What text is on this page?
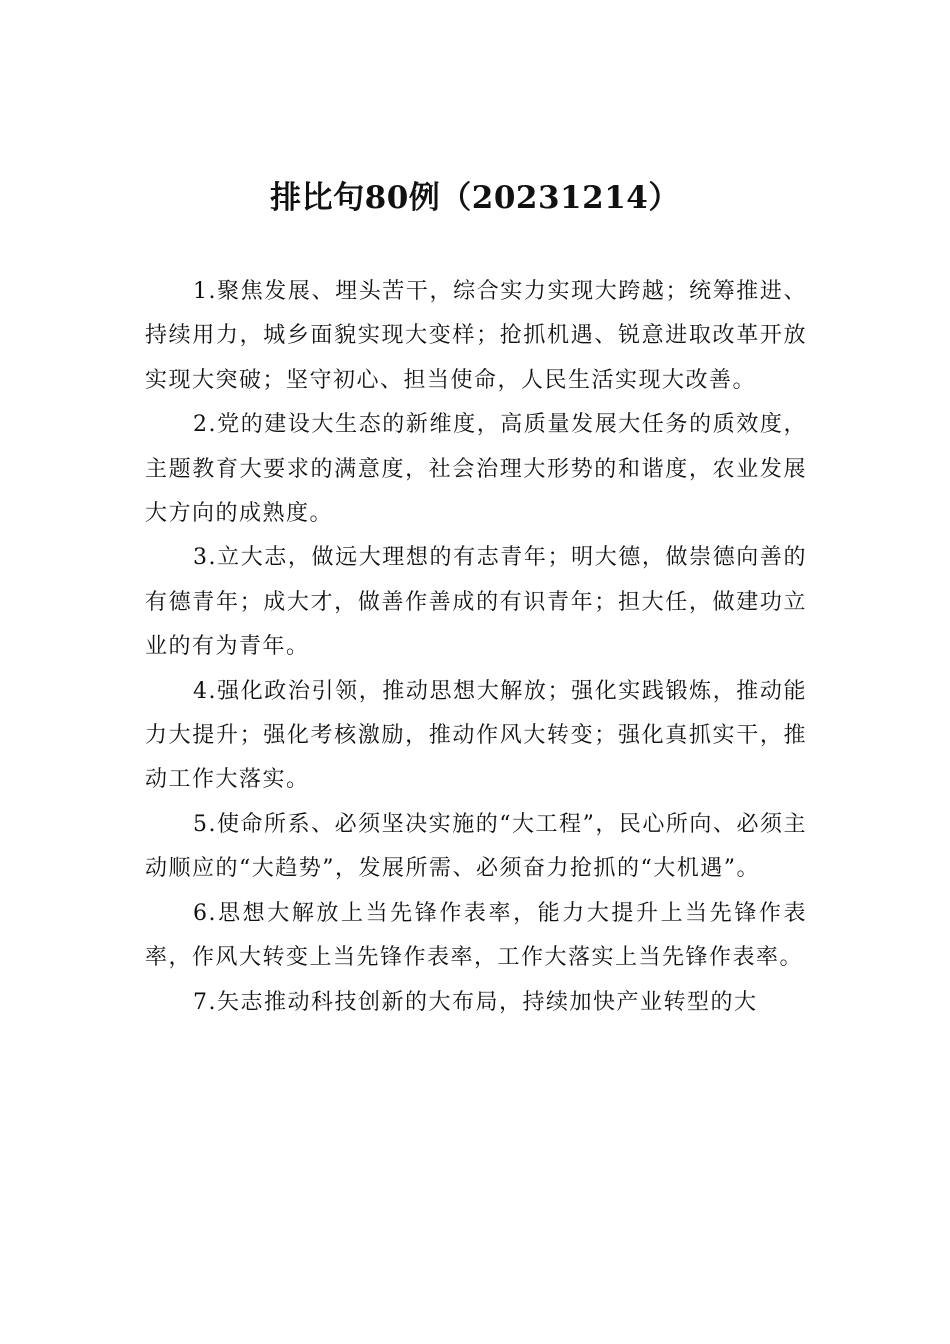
排比句80例（20231214）

1.聚焦发展、埋头苦干，综合实力实现大跨越；统筹推进、持续用力，城乡面貌实现大变样；抢抓机遇、锐意进取改革开放实现大突破；坚守初心、担当使命，人民生活实现大改善。

2.党的建设大生态的新维度，高质量发展大任务的质效度，主题教育大要求的满意度，社会治理大形势的和谐度，农业发展大方向的成熟度。

3.立大志，做远大理想的有志青年；明大德，做崇德向善的有德青年；成大才，做善作善成的有识青年；担大任，做建功立业的有为青年。

4.强化政治引领，推动思想大解放；强化实践锻炼，推动能力大提升；强化考核激励，推动作风大转变；强化真抓实干，推动工作大落实。

5.使命所系、必须坚决实施的“大工程”，民心所向、必须主动顺应的“大趋势”，发展所需、必须奋力抢抓的“大机遇”。

6.思想大解放上当先锋作表率，能力大提升上当先锋作表率，作风大转变上当先锋作表率，工作大落实上当先锋作表率。

7.矢志推动科技创新的大布局，持续加快产业转型的大
